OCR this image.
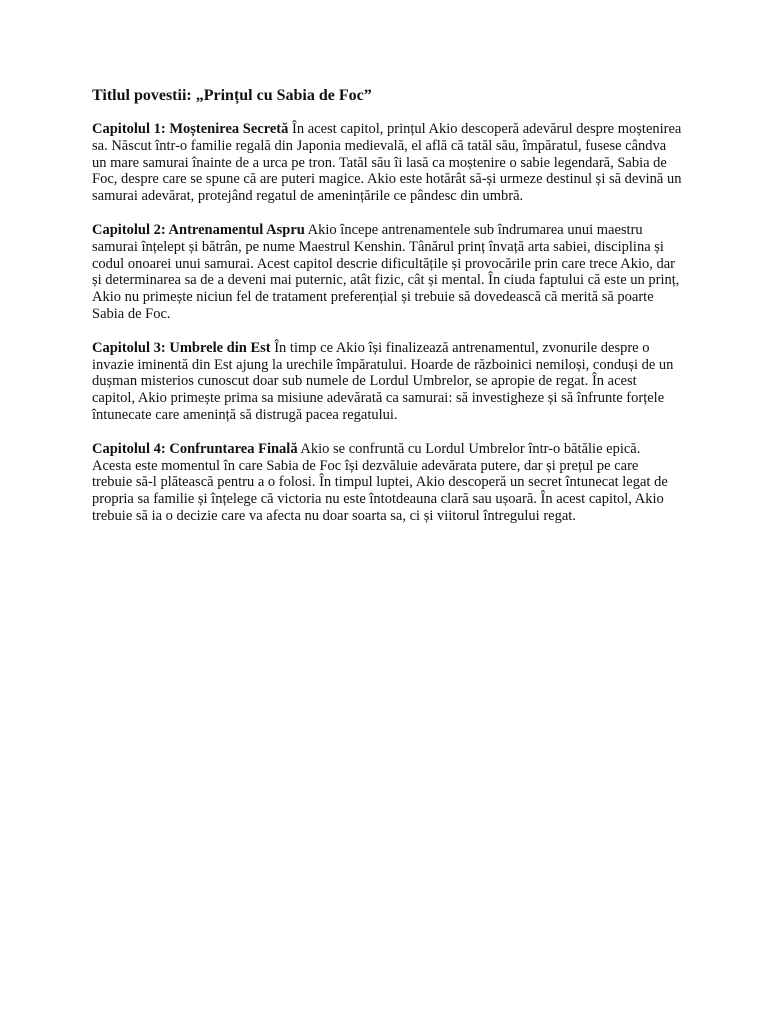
Titlul povestii: „Prințul cu Sabia de Foc”

Capitolul 1: Moștenirea Secretă În acest capitol, prințul Akio descoperă adevărul despre moștenirea sa. Născut într-o familie regală din Japonia medievală, el află că tatăl său, împăratul, fusese cândva un mare samurai înainte de a urca pe tron. Tatăl său îi lasă ca moștenire o sabie legendară, Sabia de Foc, despre care se spune că are puteri magice. Akio este hotărât să-și urmeze destinul și să devină un samurai adevărat, protejând regatul de amenințările ce pândesc din umbră.

Capitolul 2: Antrenamentul Aspru Akio începe antrenamentele sub îndrumarea unui maestru samurai înțelept și bătrân, pe nume Maestrul Kenshin. Tânărul prinț învață arta sabiei, disciplina și codul onoarei unui samurai. Acest capitol descrie dificultățile și provocările prin care trece Akio, dar și determinarea sa de a deveni mai puternic, atât fizic, cât și mental. În ciuda faptului că este un prinț, Akio nu primește niciun fel de tratament preferențial și trebuie să dovedească că merită să poarte Sabia de Foc.

Capitolul 3: Umbrele din Est În timp ce Akio își finalizează antrenamentul, zvonurile despre o invazie iminentă din Est ajung la urechile împăratului. Hoarde de războinici nemiloși, conduși de un dușman misterios cunoscut doar sub numele de Lordul Umbrelor, se apropie de regat. În acest capitol, Akio primește prima sa misiune adevărată ca samurai: să investigheze și să înfrunte forțele întunecate care amenință să distrugă pacea regatului.

Capitolul 4: Confruntarea Finală Akio se confruntă cu Lordul Umbrelor într-o bătălie epică. Acesta este momentul în care Sabia de Foc își dezvăluie adevărata putere, dar și prețul pe care trebuie să-l plătească pentru a o folosi. În timpul luptei, Akio descoperă un secret întunecat legat de propria sa familie și înțelege că victoria nu este întotdeauna clară sau ușoară. În acest capitol, Akio trebuie să ia o decizie care va afecta nu doar soarta sa, ci și viitorul întregului regat.
